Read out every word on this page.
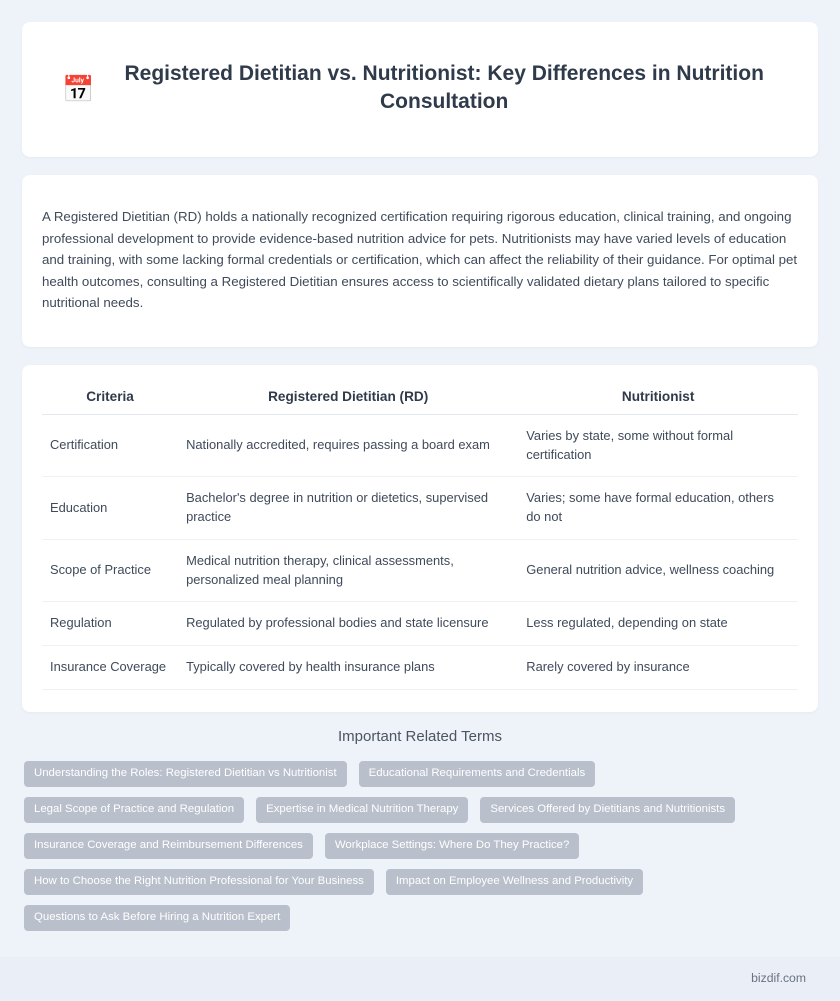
📅
Registered Dietitian vs. Nutritionist: Key Differences in Nutrition Consultation

A Registered Dietitian (RD) holds a nationally recognized certification requiring rigorous education, clinical training, and ongoing professional development to provide evidence-based nutrition advice for pets. Nutritionists may have varied levels of education and training, with some lacking formal credentials or certification, which can affect the reliability of their guidance. For optimal pet health outcomes, consulting a Registered Dietitian ensures access to scientifically validated dietary plans tailored to specific nutritional needs.

Criteria	Registered Dietitian (RD)	Nutritionist
Certification	Nationally accredited, requires passing a board exam	Varies by state, some without formal certification
Education	Bachelor's degree in nutrition or dietetics, supervised practice	Varies; some have formal education, others do not
Scope of Practice	Medical nutrition therapy, clinical assessments, personalized meal planning	General nutrition advice, wellness coaching
Regulation	Regulated by professional bodies and state licensure	Less regulated, depending on state
Insurance Coverage	Typically covered by health insurance plans	Rarely covered by insurance
Important Related Terms
Understanding the Roles: Registered Dietitian vs Nutritionist	Educational Requirements and Credentials
Legal Scope of Practice and Regulation	Expertise in Medical Nutrition Therapy	Services Offered by Dietitians and Nutritionists
Insurance Coverage and Reimbursement Differences	Workplace Settings: Where Do They Practice?
How to Choose the Right Nutrition Professional for Your Business	Impact on Employee Wellness and Productivity
Questions to Ask Before Hiring a Nutrition Expert
bizdif.com
